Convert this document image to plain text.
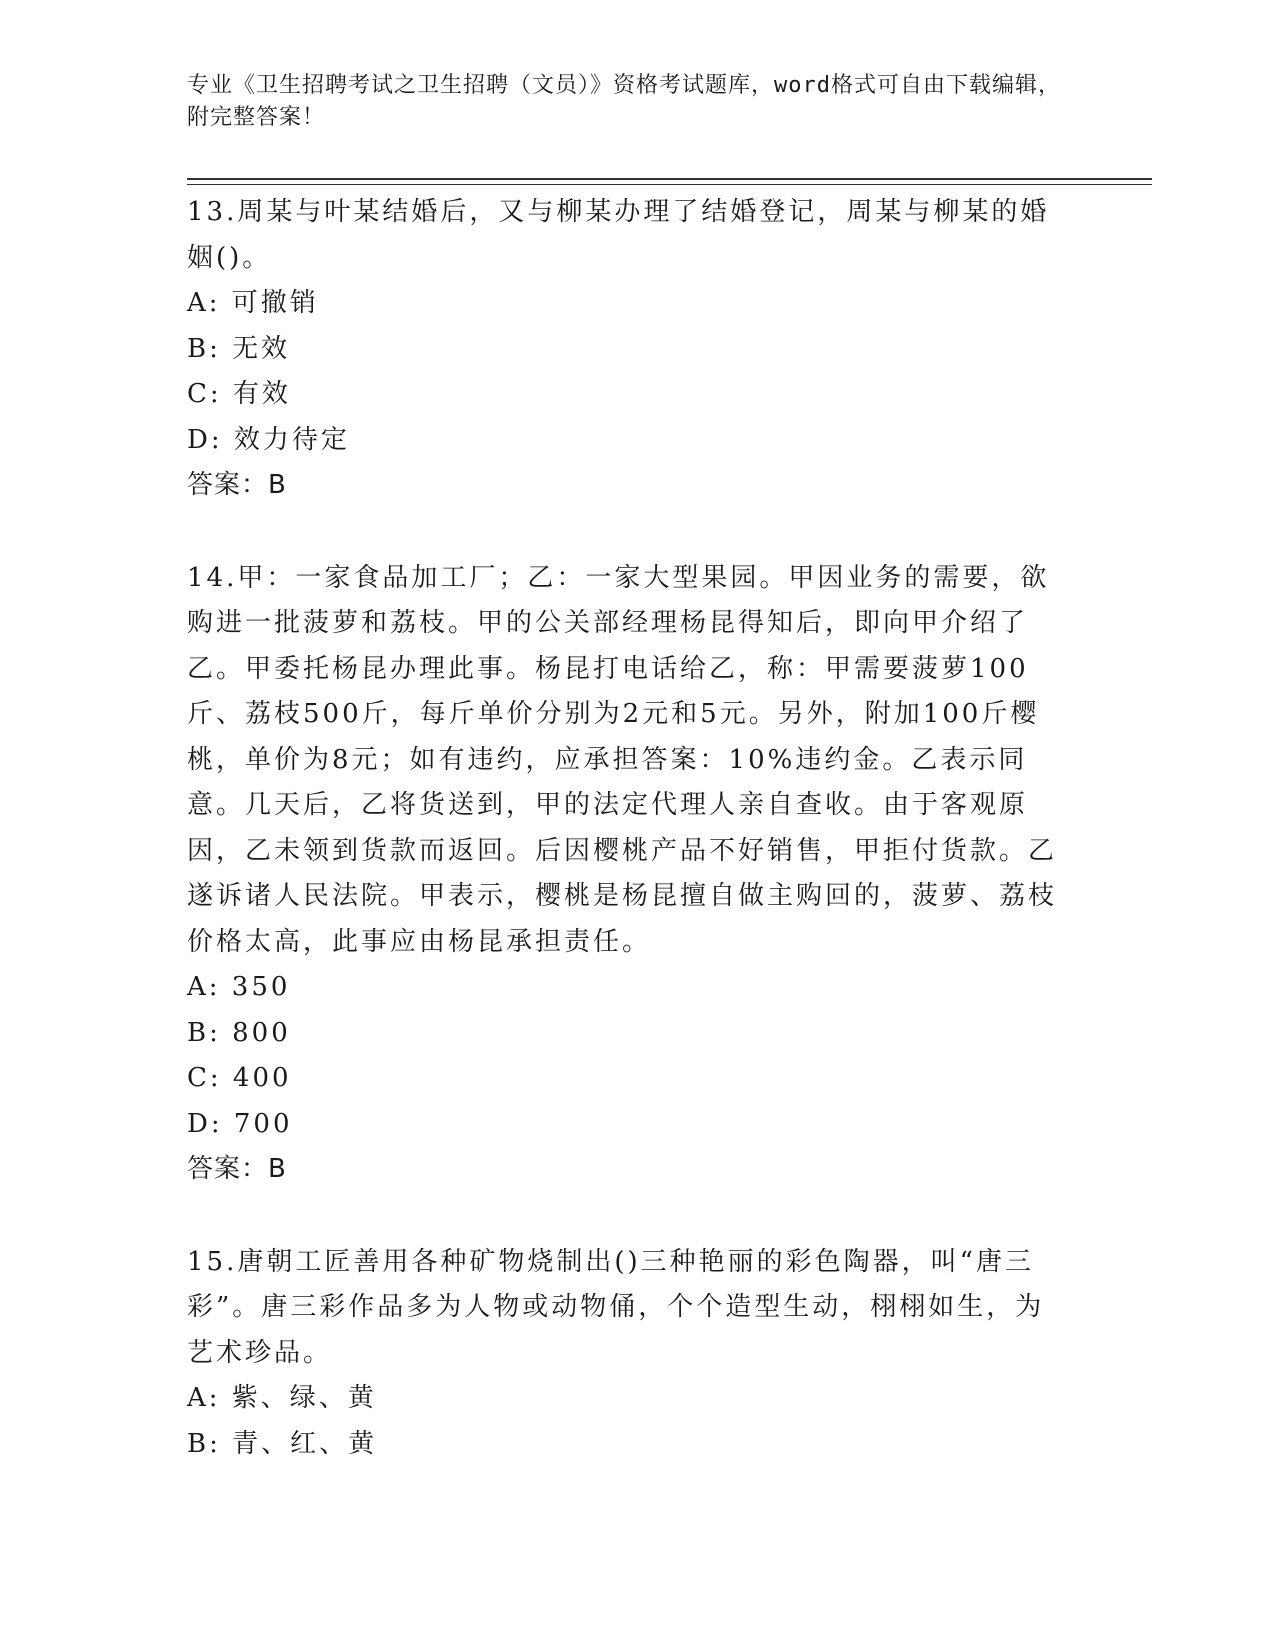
专业《卫生招聘考试之卫生招聘（文员）》资格考试题库，word格式可自由下载编辑，附完整答案！

13.周某与叶某结婚后，又与柳某办理了结婚登记，周某与柳某的婚姻()。

A: 可撤销

B: 无效

C: 有效

D: 效力待定

答案：B

14.甲：一家食品加工厂；乙：一家大型果园。甲因业务的需要，欲购进一批菠萝和荔枝。甲的公关部经理杨昆得知后，即向甲介绍了乙。甲委托杨昆办理此事。杨昆打电话给乙，称：甲需要菠萝100斤、荔枝500斤，每斤单价分别为2元和5元。另外，附加100斤樱桃，单价为8元；如有违约，应承担答案：10%违约金。乙表示同意。几天后，乙将货送到，甲的法定代理人亲自查收。由于客观原因，乙未领到货款而返回。后因樱桃产品不好销售，甲拒付货款。乙遂诉诸人民法院。甲表示，樱桃是杨昆擅自做主购回的，菠萝、荔枝价格太高，此事应由杨昆承担责任。

A: 350

B: 800

C: 400

D: 700

答案：B

15.唐朝工匠善用各种矿物烧制出()三种艳丽的彩色陶器，叫“唐三彩”。唐三彩作品多为人物或动物俑，个个造型生动，栩栩如生，为艺术珍品。

A: 紫、绿、黄

B: 青、红、黄
